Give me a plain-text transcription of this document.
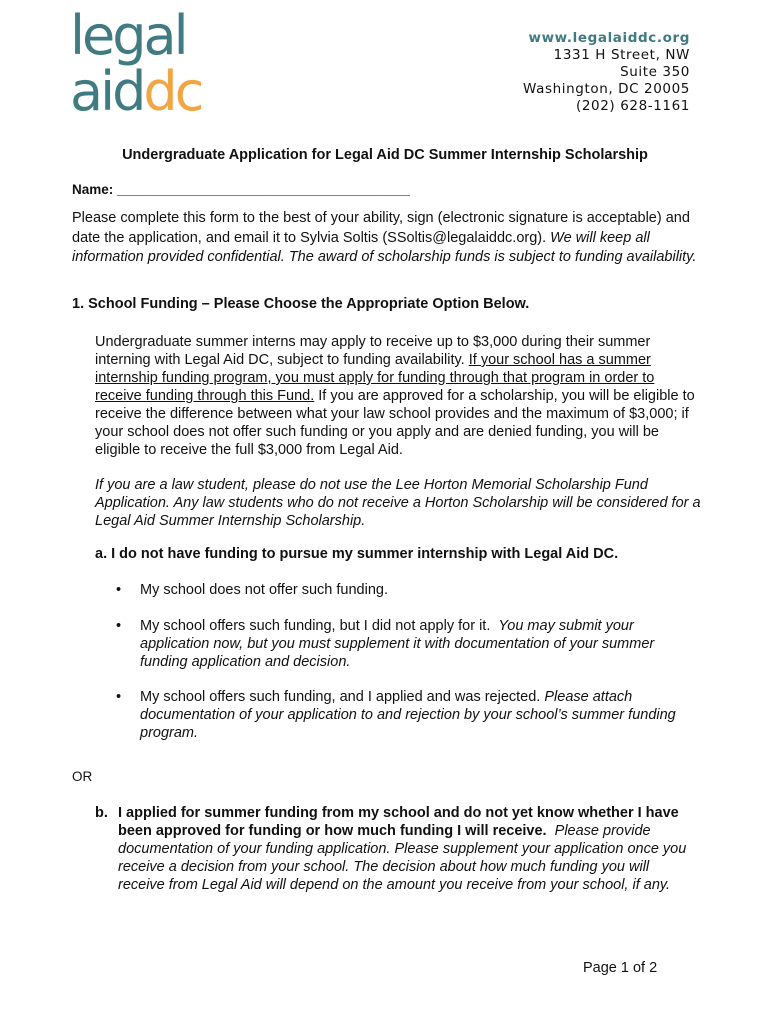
legal
aiddc
www.legalaiddc.org
1331 H Street, NW
Suite 350
Washington, DC 20005
(202) 628-1161
Undergraduate Application for Legal Aid DC Summer Internship Scholarship
Name: _______________________________________
Please complete this form to the best of your ability, sign (electronic signature is acceptable) and date the application, and email it to Sylvia Soltis (SSoltis@legalaiddc.org). We will keep all information provided confidential. The award of scholarship funds is subject to funding availability.
1. School Funding – Please Choose the Appropriate Option Below.
Undergraduate summer interns may apply to receive up to $3,000 during their summer interning with Legal Aid DC, subject to funding availability. If your school has a summer internship funding program, you must apply for funding through that program in order to receive funding through this Fund. If you are approved for a scholarship, you will be eligible to receive the difference between what your law school provides and the maximum of $3,000; if your school does not offer such funding or you apply and are denied funding, you will be eligible to receive the full $3,000 from Legal Aid.
If you are a law student, please do not use the Lee Horton Memorial Scholarship Fund Application. Any law students who do not receive a Horton Scholarship will be considered for a Legal Aid Summer Internship Scholarship.
a. I do not have funding to pursue my summer internship with Legal Aid DC.
• My school does not offer such funding.
• My school offers such funding, but I did not apply for it. You may submit your application now, but you must supplement it with documentation of your summer funding application and decision.
• My school offers such funding, and I applied and was rejected. Please attach documentation of your application to and rejection by your school’s summer funding program.
OR
b. I applied for summer funding from my school and do not yet know whether I have been approved for funding or how much funding I will receive. Please provide documentation of your funding application. Please supplement your application once you receive a decision from your school. The decision about how much funding you will receive from Legal Aid will depend on the amount you receive from your school, if any.
Page 1 of 2
